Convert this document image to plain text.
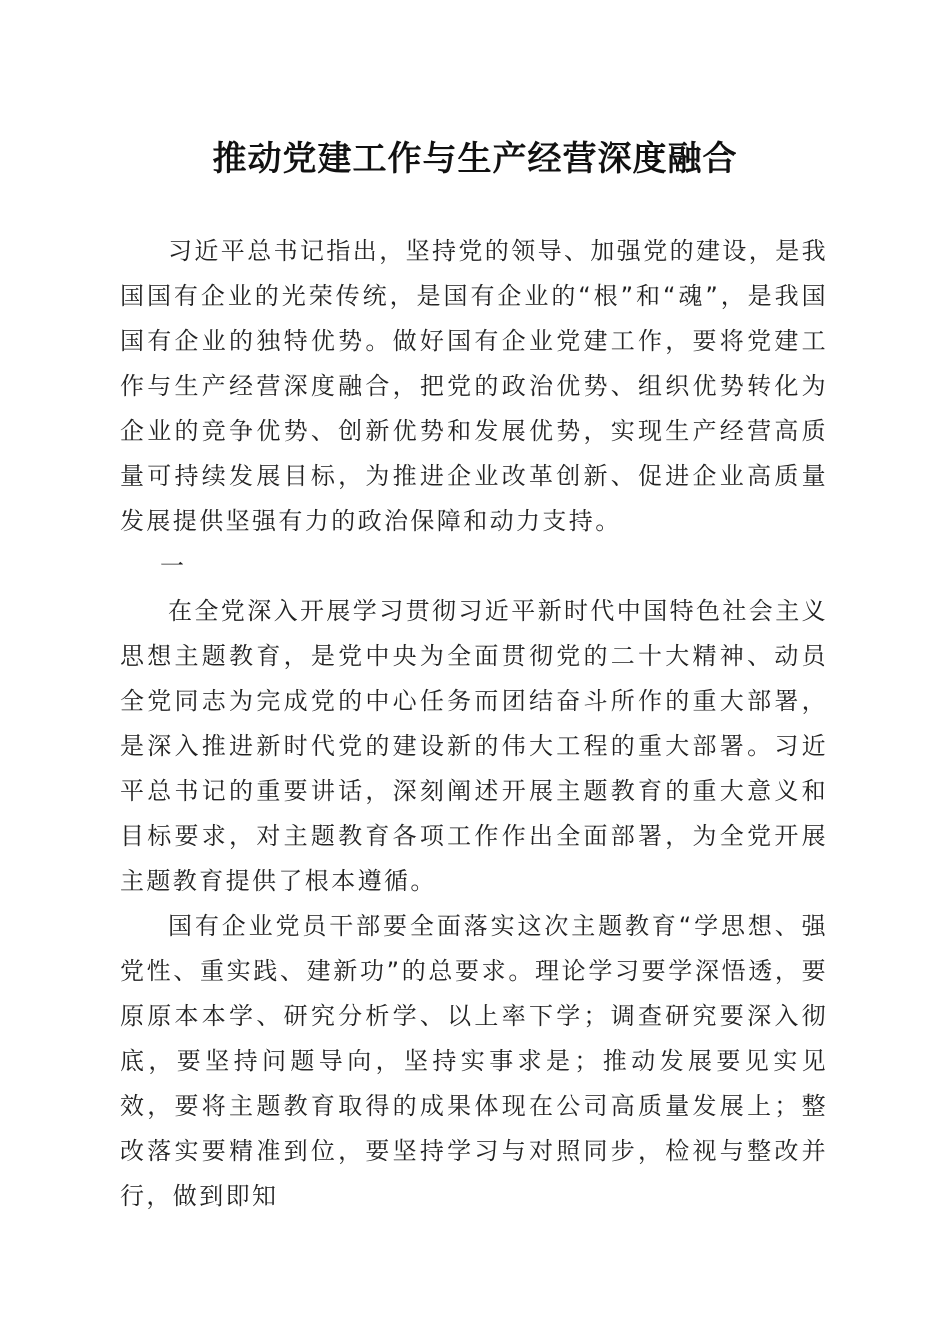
推动党建工作与生产经营深度融合

习近平总书记指出，坚持党的领导、加强党的建设，是我国国有企业的光荣传统，是国有企业的“根”和“魂”，是我国国有企业的独特优势。做好国有企业党建工作，要将党建工作与生产经营深度融合，把党的政治优势、组织优势转化为企业的竞争优势、创新优势和发展优势，实现生产经营高质量可持续发展目标，为推进企业改革创新、促进企业高质量发展提供坚强有力的政治保障和动力支持。

一

在全党深入开展学习贯彻习近平新时代中国特色社会主义思想主题教育，是党中央为全面贯彻党的二十大精神、动员全党同志为完成党的中心任务而团结奋斗所作的重大部署，是深入推进新时代党的建设新的伟大工程的重大部署。习近平总书记的重要讲话，深刻阐述开展主题教育的重大意义和目标要求，对主题教育各项工作作出全面部署，为全党开展主题教育提供了根本遵循。

国有企业党员干部要全面落实这次主题教育“学思想、强党性、重实践、建新功”的总要求。理论学习要学深悟透，要原原本本学、研究分析学、以上率下学；调查研究要深入彻底，要坚持问题导向，坚持实事求是；推动发展要见实见效，要将主题教育取得的成果体现在公司高质量发展上；整改落实要精准到位，要坚持学习与对照同步，检视与整改并行，做到即知
